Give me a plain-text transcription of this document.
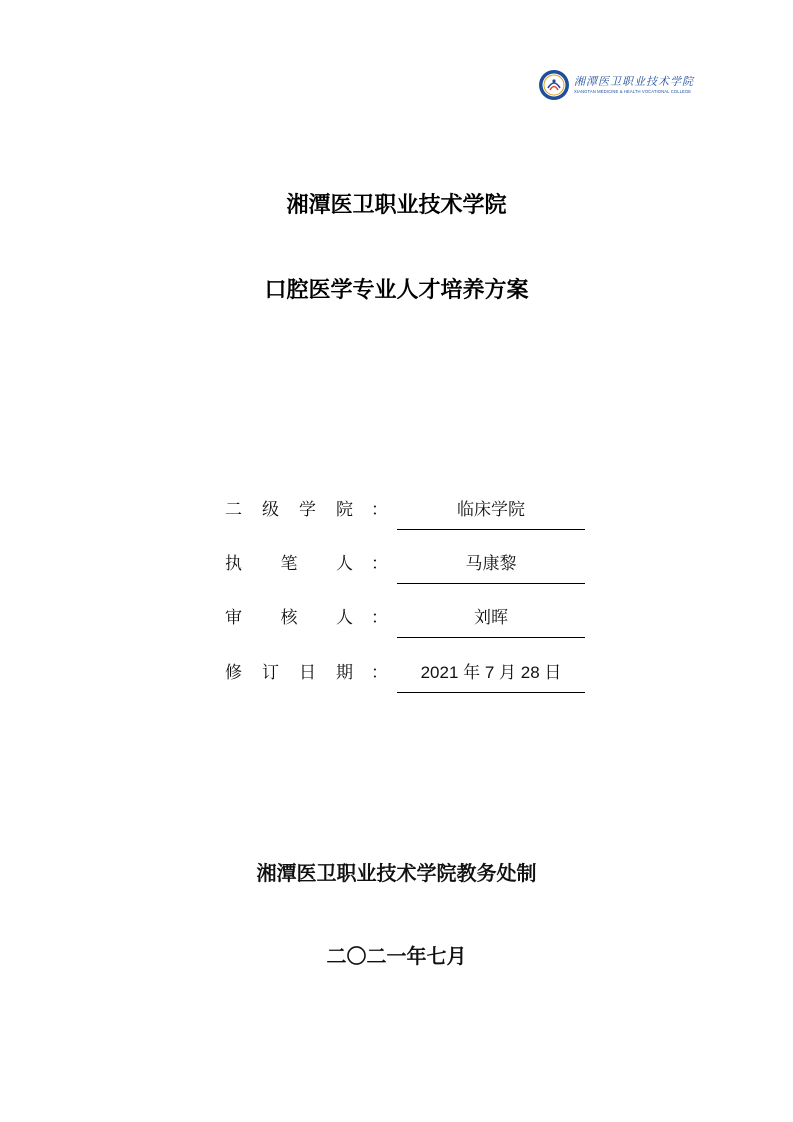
湘潭医卫职业技术学院
XIANGTAN MEDICINE & HEALTH VOCATIONAL COLLEGE
湘潭医卫职业技术学院
口腔医学专业人才培养方案
二 级 学 院 ：	临床学院
执 笔 人 ：	马康黎
审 核 人 ：	刘晖
修 订 日 期 ：	2021 年 7 月 28 日
湘潭医卫职业技术学院教务处制
二〇二一年七月
